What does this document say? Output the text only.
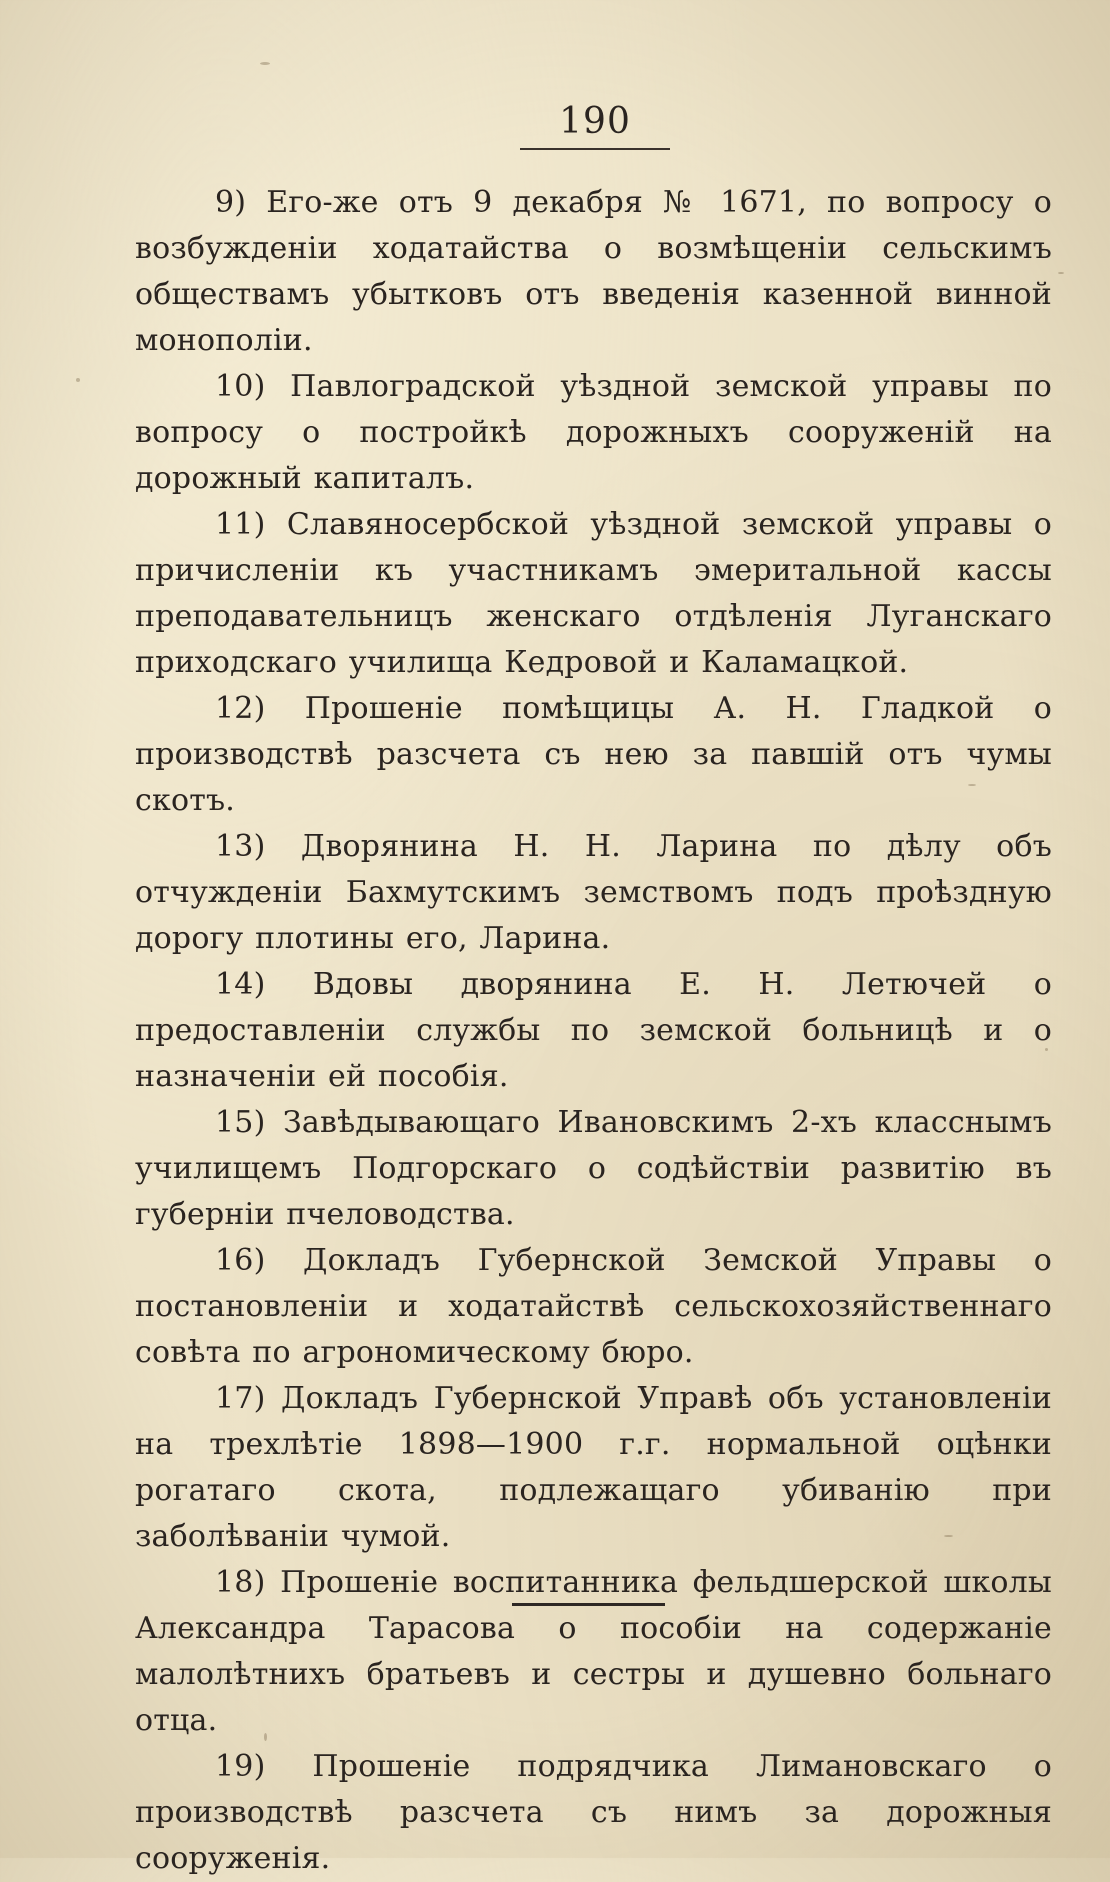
190

9) Его-же отъ 9 декабря № 1671, по вопросу о возбужденіи ходатайства о возмѣщеніи сельскимъ обществамъ убытковъ отъ введенія казенной винной монополіи.

10) Павлоградской уѣздной земской управы по вопросу о постройкѣ дорожныхъ сооруженій на дорожный капиталъ.

11) Славяносербской уѣздной земской управы о причисленіи къ участникамъ эмеритальной кассы преподавательницъ женскаго отдѣленія Луганскаго приходскаго училища Кедровой и Каламацкой.

12) Прошеніе помѣщицы А. Н. Гладкой о производствѣ разсчета съ нею за павшій отъ чумы скотъ.

13) Дворянина Н. Н. Ларина по дѣлу объ отчужденіи Бахмутскимъ земствомъ подъ проѣздную дорогу плотины его, Ларина.

14) Вдовы дворянина Е. Н. Летючей о предоставленіи службы по земской больницѣ и о назначеніи ей пособія.

15) Завѣдывающаго Ивановскимъ 2-хъ класснымъ училищемъ Подгорскаго о содѣйствіи развитію въ губерніи пчеловодства.

16) Докладъ Губернской Земской Управы о постановленіи и ходатайствѣ сельскохозяйственнаго совѣта по агрономическому бюро.

17) Докладъ Губернской Управѣ объ установленіи на трехлѣтіе 1898—1900 г.г. нормальной оцѣнки рогатаго скота, подлежащаго убиванію при заболѣваніи чумой.

18) Прошеніе воспитанника фельдшерской школы Александра Тарасова о пособіи на содержаніе малолѣтнихъ братьевъ и сестры и душевно больнаго отца.

19) Прошеніе подрядчика Лимановскаго о производствѣ разсчета съ нимъ за дорожныя сооруженія.
